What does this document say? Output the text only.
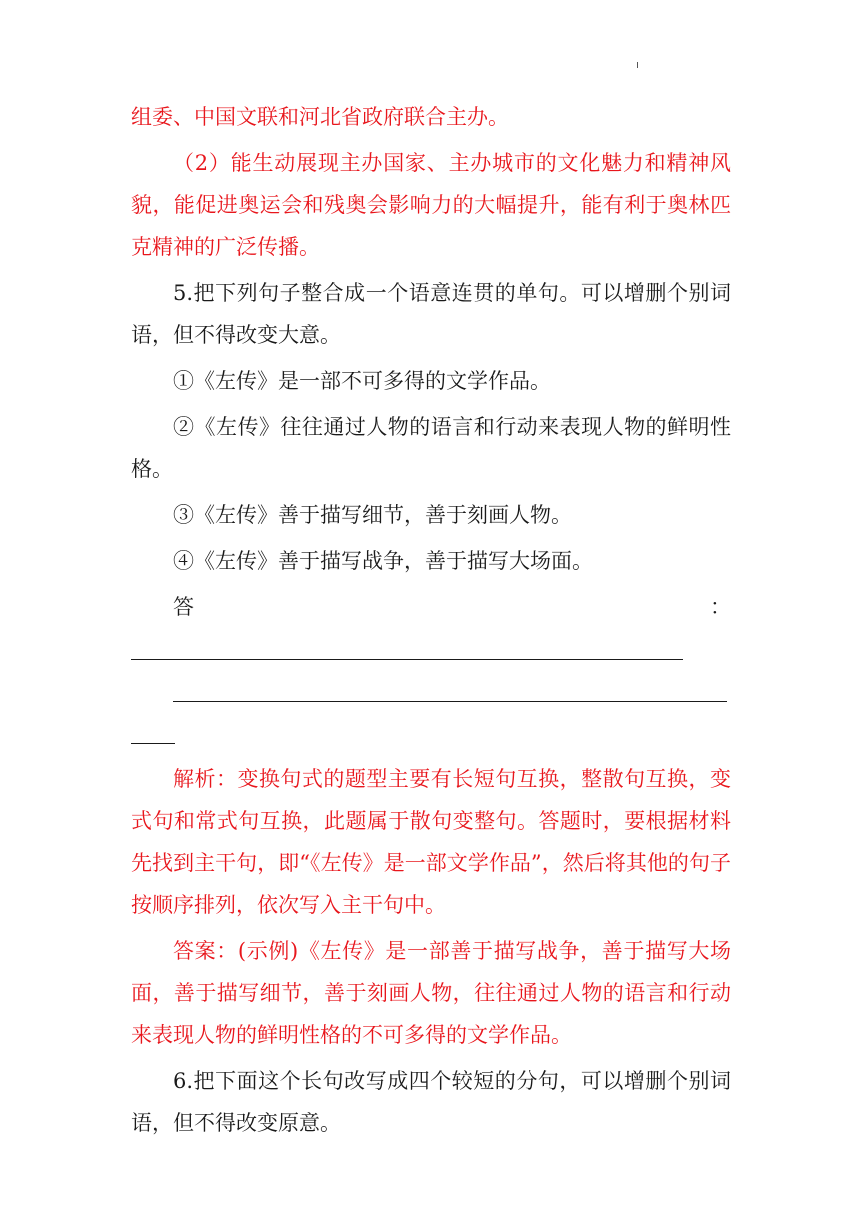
组委、中国文联和河北省政府联合主办。

（2）能生动展现主办国家、主办城市的文化魅力和精神风貌，能促进奥运会和残奥会影响力的大幅提升，能有利于奥林匹克精神的广泛传播。

5.把下列句子整合成一个语意连贯的单句。可以增删个别词语，但不得改变大意。

①《左传》是一部不可多得的文学作品。

②《左传》往往通过人物的语言和行动来表现人物的鲜明性格。

③《左传》善于描写细节，善于刻画人物。

④《左传》善于描写战争，善于描写大场面。

答	：

解析：变换句式的题型主要有长短句互换，整散句互换，变式句和常式句互换，此题属于散句变整句。答题时，要根据材料先找到主干句，即“《左传》是一部文学作品”，然后将其他的句子按顺序排列，依次写入主干句中。

答案：(示例)《左传》是一部善于描写战争，善于描写大场面，善于描写细节，善于刻画人物，往往通过人物的语言和行动来表现人物的鲜明性格的不可多得的文学作品。

6.把下面这个长句改写成四个较短的分句，可以增删个别词语，但不得改变原意。
